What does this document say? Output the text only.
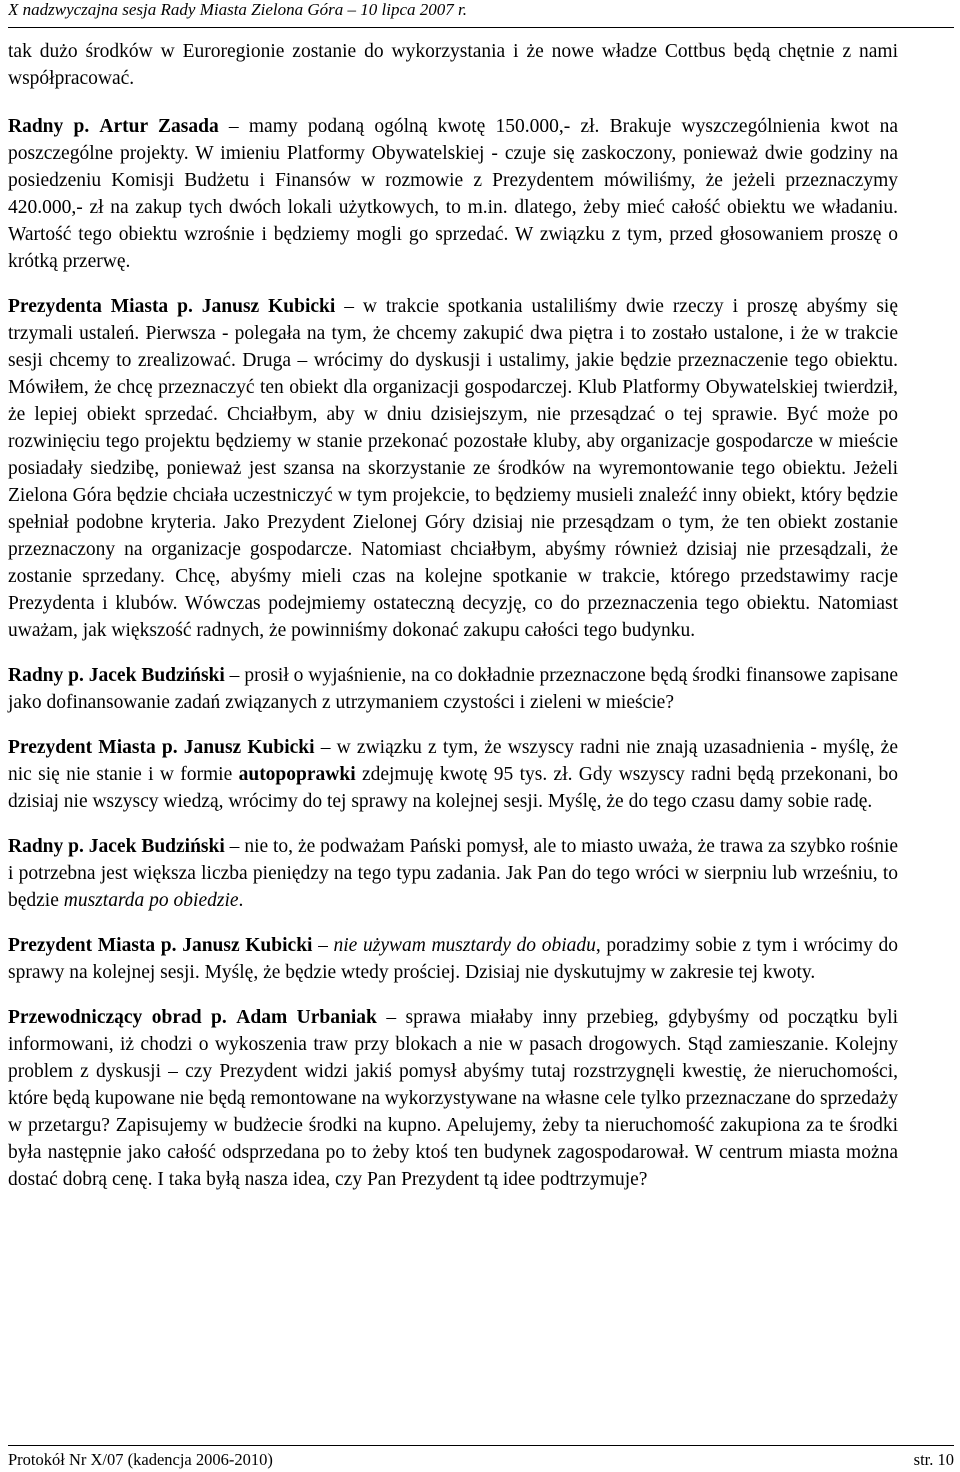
X nadzwyczajna sesja Rady Miasta Zielona Góra – 10 lipca 2007 r.

tak dużo środków w Euroregionie zostanie do wykorzystania i że nowe władze Cottbus będą chętnie z nami współpracować.

Radny p. Artur Zasada – mamy podaną ogólną kwotę 150.000,- zł. Brakuje wyszczególnienia kwot na poszczególne projekty. W imieniu Platformy Obywatelskiej - czuje się zaskoczony, ponieważ dwie godziny na posiedzeniu Komisji Budżetu i Finansów w rozmowie z Prezydentem mówiliśmy, że jeżeli przeznaczymy 420.000,- zł na zakup tych dwóch lokali użytkowych, to m.in. dlatego, żeby mieć całość obiektu we władaniu. Wartość tego obiektu wzrośnie i będziemy mogli go sprzedać. W związku z tym, przed głosowaniem proszę o krótką przerwę.

Prezydenta Miasta p. Janusz Kubicki – w trakcie spotkania ustaliliśmy dwie rzeczy i proszę abyśmy się trzymali ustaleń. Pierwsza - polegała na tym, że chcemy zakupić dwa piętra i to zostało ustalone, i że w trakcie sesji chcemy to zrealizować. Druga – wrócimy do dyskusji i ustalimy, jakie będzie przeznaczenie tego obiektu. Mówiłem, że chcę przeznaczyć ten obiekt dla organizacji gospodarczej. Klub Platformy Obywatelskiej twierdził, że lepiej obiekt sprzedać. Chciałbym, aby w dniu dzisiejszym, nie przesądzać o tej sprawie. Być może po rozwinięciu tego projektu będziemy w stanie przekonać pozostałe kluby, aby organizacje gospodarcze w mieście posiadały siedzibę, ponieważ jest szansa na skorzystanie ze środków na wyremontowanie tego obiektu. Jeżeli Zielona Góra będzie chciała uczestniczyć w tym projekcie, to będziemy musieli znaleźć inny obiekt, który będzie spełniał podobne kryteria. Jako Prezydent Zielonej Góry dzisiaj nie przesądzam o tym, że ten obiekt zostanie przeznaczony na organizacje gospodarcze. Natomiast chciałbym, abyśmy również dzisiaj nie przesądzali, że zostanie sprzedany. Chcę, abyśmy mieli czas na kolejne spotkanie w trakcie, którego przedstawimy racje Prezydenta i klubów. Wówczas podejmiemy ostateczną decyzję, co do przeznaczenia tego obiektu. Natomiast uważam, jak większość radnych, że powinniśmy dokonać zakupu całości tego budynku.

Radny p. Jacek Budziński – prosił o wyjaśnienie, na co dokładnie przeznaczone będą środki finansowe zapisane jako dofinansowanie zadań związanych z utrzymaniem czystości i zieleni w mieście?

Prezydent Miasta p. Janusz Kubicki – w związku z tym, że wszyscy radni nie znają uzasadnienia - myślę, że nic się nie stanie i w formie autopoprawki zdejmuję kwotę 95 tys. zł. Gdy wszyscy radni będą przekonani, bo dzisiaj nie wszyscy wiedzą, wrócimy do tej sprawy na kolejnej sesji. Myślę, że do tego czasu damy sobie radę.

Radny p. Jacek Budziński – nie to, że podważam Pański pomysł, ale to miasto uważa, że trawa za szybko rośnie i potrzebna jest większa liczba pieniędzy na tego typu zadania. Jak Pan do tego wróci w sierpniu lub wrześniu, to będzie musztarda po obiedzie.

Prezydent Miasta p. Janusz Kubicki – nie używam musztardy do obiadu, poradzimy sobie z tym i wrócimy do sprawy na kolejnej sesji. Myślę, że będzie wtedy prościej. Dzisiaj nie dyskutujmy w zakresie tej kwoty.

Przewodniczący obrad p. Adam Urbaniak – sprawa miałaby inny przebieg, gdybyśmy od początku byli informowani, iż chodzi o wykoszenia traw przy blokach a nie w pasach drogowych. Stąd zamieszanie. Kolejny problem z dyskusji – czy Prezydent widzi jakiś pomysł abyśmy tutaj rozstrzygnęli kwestię, że nieruchomości, które będą kupowane nie będą remontowane na wykorzystywane na własne cele tylko przeznaczane do sprzedaży w przetargu? Zapisujemy w budżecie środki na kupno. Apelujemy, żeby ta nieruchomość zakupiona za te środki była następnie jako całość odsprzedana po to żeby ktoś ten budynek zagospodarował. W centrum miasta można dostać dobrą cenę. I taka byłą nasza idea, czy Pan Prezydent tą idee podtrzymuje?

Protokół Nr X/07 (kadencja 2006-2010)	str. 10
